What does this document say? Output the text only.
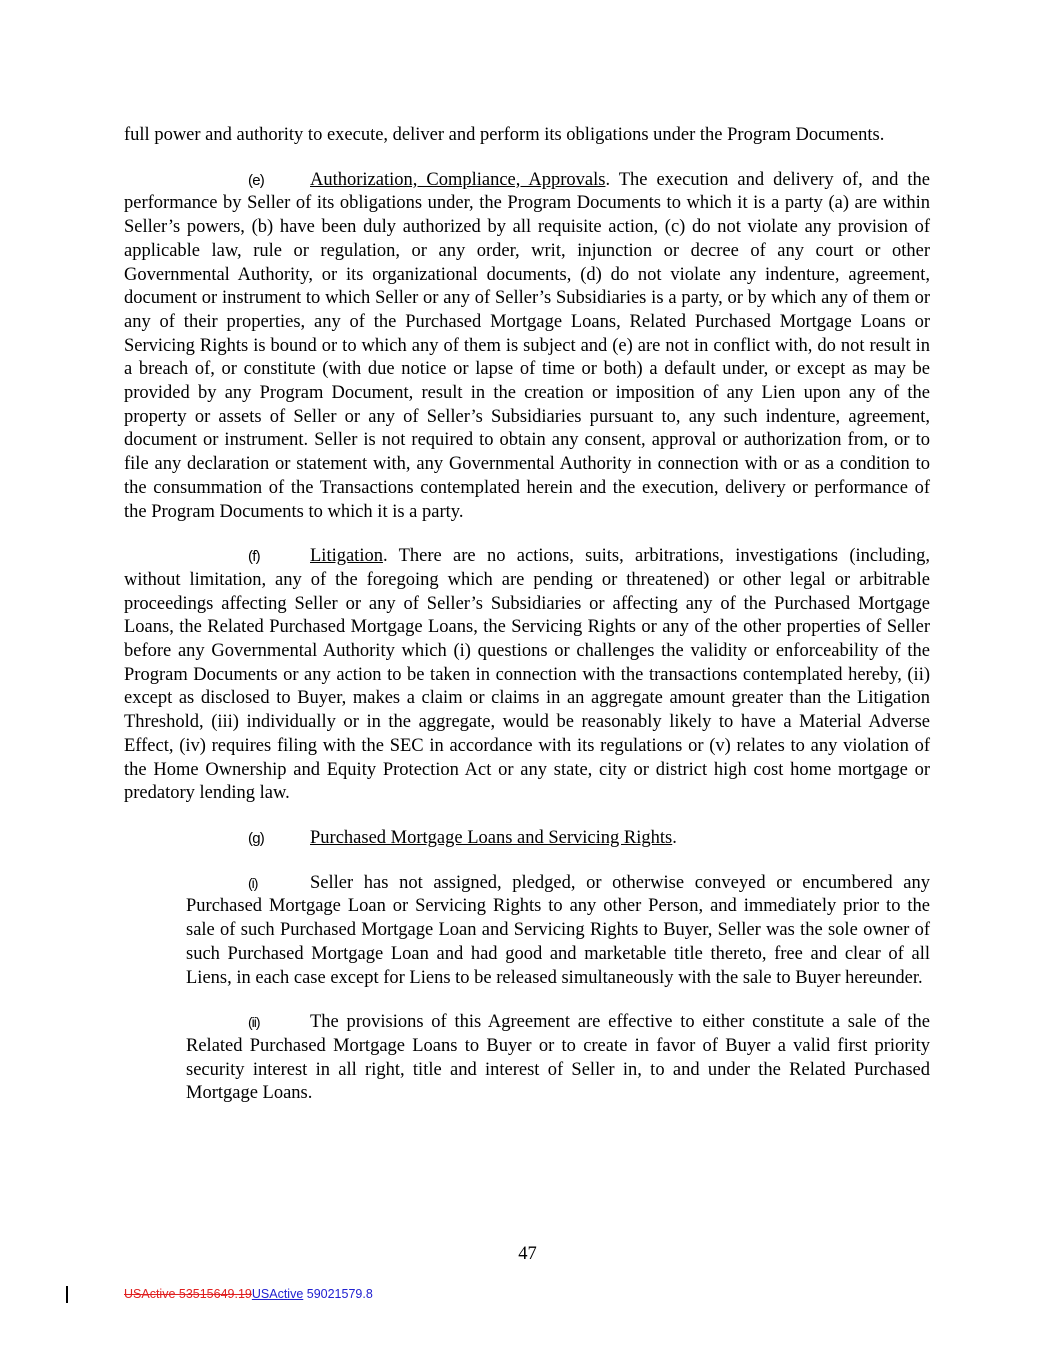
full power and authority to execute, deliver and perform its obligations under the Program Documents.

(e) Authorization, Compliance, Approvals. The execution and delivery of, and the performance by Seller of its obligations under, the Program Documents to which it is a party (a) are within Seller’s powers, (b) have been duly authorized by all requisite action, (c) do not violate any provision of applicable law, rule or regulation, or any order, writ, injunction or decree of any court or other Governmental Authority, or its organizational documents, (d) do not violate any indenture, agreement, document or instrument to which Seller or any of Seller’s Subsidiaries is a party, or by which any of them or any of their properties, any of the Purchased Mortgage Loans, Related Purchased Mortgage Loans or Servicing Rights is bound or to which any of them is subject and (e) are not in conflict with, do not result in a breach of, or constitute (with due notice or lapse of time or both) a default under, or except as may be provided by any Program Document, result in the creation or imposition of any Lien upon any of the property or assets of Seller or any of Seller’s Subsidiaries pursuant to, any such indenture, agreement, document or instrument. Seller is not required to obtain any consent, approval or authorization from, or to file any declaration or statement with, any Governmental Authority in connection with or as a condition to the consummation of the Transactions contemplated herein and the execution, delivery or performance of the Program Documents to which it is a party.

(f)	Litigation. There are no actions, suits, arbitrations, investigations (including, without limitation, any of the foregoing which are pending or threatened) or other legal or arbitrable proceedings affecting Seller or any of Seller’s Subsidiaries or affecting any of the Purchased Mortgage Loans, the Related Purchased Mortgage Loans, the Servicing Rights or any of the other properties of Seller before any Governmental Authority which (i) questions or challenges the validity or enforceability of the Program Documents or any action to be taken in connection with the transactions contemplated hereby, (ii) except as disclosed to Buyer, makes a claim or claims in an aggregate amount greater than the Litigation Threshold, (iii) individually or in the aggregate, would be reasonably likely to have a Material Adverse Effect, (iv) requires filing with the SEC in accordance with its regulations or (v) relates to any violation of the Home Ownership and Equity Protection Act or any state, city or district high cost home mortgage or predatory lending law.

(g) Purchased Mortgage Loans and Servicing Rights.

(i)	Seller has not assigned, pledged, or otherwise conveyed or encumbered any Purchased Mortgage Loan or Servicing Rights to any other Person, and immediately prior to the sale of such Purchased Mortgage Loan and Servicing Rights to Buyer, Seller was the sole owner of such Purchased Mortgage Loan and had good and marketable title thereto, free and clear of all Liens, in each case except for Liens to be released simultaneously with the sale to Buyer hereunder.

(ii)	The provisions of this Agreement are effective to either constitute a sale of the Related Purchased Mortgage Loans to Buyer or to create in favor of Buyer a valid first priority security interest in all right, title and interest of Seller in, to and under the Related Purchased Mortgage Loans.

47
USActive 53515649.19USActive 59021579.8
